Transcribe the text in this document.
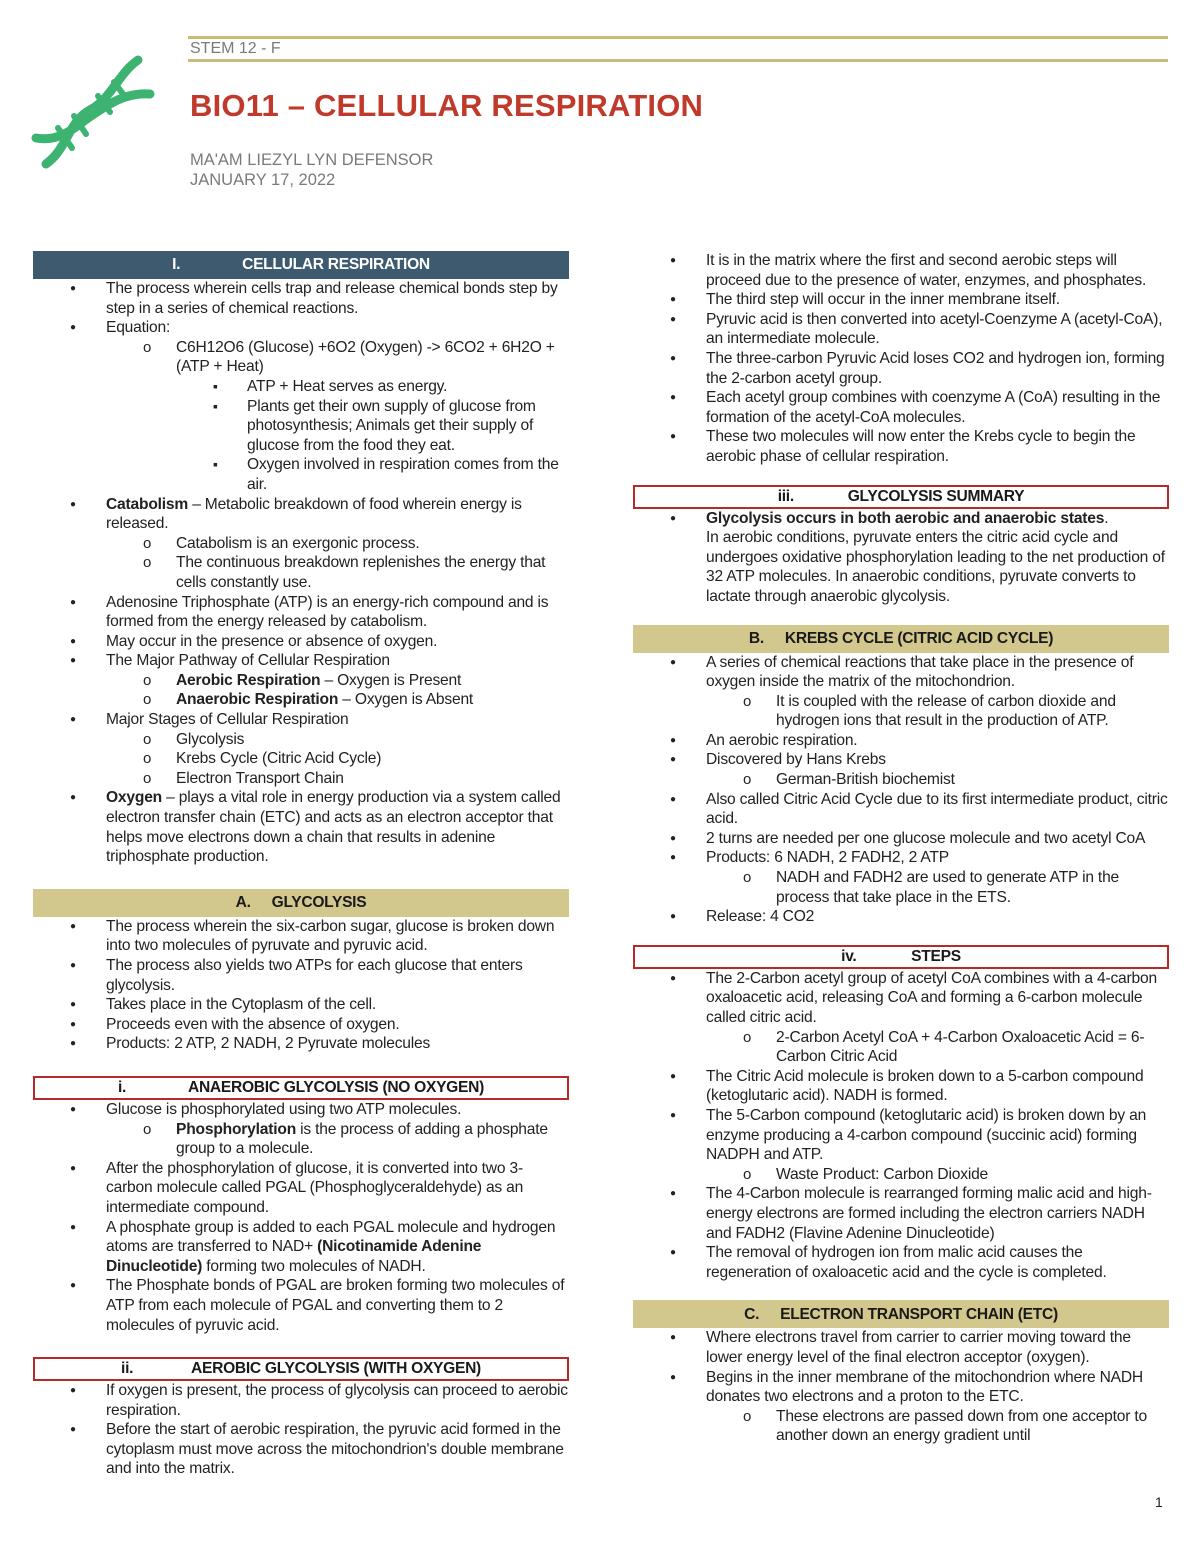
STEM 12 - F
BIO11 – CELLULAR RESPIRATION
MA'AM LIEZYL LYN DEFENSOR
JANUARY 17, 2022
I.	CELLULAR RESPIRATION
● The process wherein cells trap and release chemical bonds step by step in a series of chemical reactions.
● Equation:
o C6H12O6 (Glucose) +6O2 (Oxygen) -> 6CO2 + 6H2O + (ATP + Heat)
▪ ATP + Heat serves as energy.
▪ Plants get their own supply of glucose from photosynthesis; Animals get their supply of glucose from the food they eat.
▪ Oxygen involved in respiration comes from the air.
● Catabolism – Metabolic breakdown of food wherein energy is released.
o Catabolism is an exergonic process.
o The continuous breakdown replenishes the energy that cells constantly use.
● Adenosine Triphosphate (ATP) is an energy-rich compound and is formed from the energy released by catabolism.
● May occur in the presence or absence of oxygen.
● The Major Pathway of Cellular Respiration
o Aerobic Respiration – Oxygen is Present
o Anaerobic Respiration – Oxygen is Absent
● Major Stages of Cellular Respiration
o Glycolysis
o Krebs Cycle (Citric Acid Cycle)
o Electron Transport Chain
● Oxygen – plays a vital role in energy production via a system called electron transfer chain (ETC) and acts as an electron acceptor that helps move electrons down a chain that results in adenine triphosphate production.
A.	GLYCOLYSIS
● The process wherein the six-carbon sugar, glucose is broken down into two molecules of pyruvate and pyruvic acid.
● The process also yields two ATPs for each glucose that enters glycolysis.
● Takes place in the Cytoplasm of the cell.
● Proceeds even with the absence of oxygen.
● Products: 2 ATP, 2 NADH, 2 Pyruvate molecules
i.	ANAEROBIC GLYCOLYSIS (NO OXYGEN)
● Glucose is phosphorylated using two ATP molecules.
o Phosphorylation is the process of adding a phosphate group to a molecule.
● After the phosphorylation of glucose, it is converted into two 3-carbon molecule called PGAL (Phosphoglyceraldehyde) as an intermediate compound.
● A phosphate group is added to each PGAL molecule and hydrogen atoms are transferred to NAD+ (Nicotinamide Adenine Dinucleotide) forming two molecules of NADH.
● The Phosphate bonds of PGAL are broken forming two molecules of ATP from each molecule of PGAL and converting them to 2 molecules of pyruvic acid.
ii.	AEROBIC GLYCOLYSIS (WITH OXYGEN)
● If oxygen is present, the process of glycolysis can proceed to aerobic respiration.
● Before the start of aerobic respiration, the pyruvic acid formed in the cytoplasm must move across the mitochondrion's double membrane and into the matrix.
● It is in the matrix where the first and second aerobic steps will proceed due to the presence of water, enzymes, and phosphates.
● The third step will occur in the inner membrane itself.
● Pyruvic acid is then converted into acetyl-Coenzyme A (acetyl-CoA), an intermediate molecule.
● The three-carbon Pyruvic Acid loses CO2 and hydrogen ion, forming the 2-carbon acetyl group.
● Each acetyl group combines with coenzyme A (CoA) resulting in the formation of the acetyl-CoA molecules.
● These two molecules will now enter the Krebs cycle to begin the aerobic phase of cellular respiration.
iii.	GLYCOLYSIS SUMMARY
● Glycolysis occurs in both aerobic and anaerobic states.
In aerobic conditions, pyruvate enters the citric acid cycle and undergoes oxidative phosphorylation leading to the net production of 32 ATP molecules. In anaerobic conditions, pyruvate converts to lactate through anaerobic glycolysis.
B.	KREBS CYCLE (CITRIC ACID CYCLE)
● A series of chemical reactions that take place in the presence of oxygen inside the matrix of the mitochondrion.
o It is coupled with the release of carbon dioxide and hydrogen ions that result in the production of ATP.
● An aerobic respiration.
● Discovered by Hans Krebs
o German-British biochemist
● Also called Citric Acid Cycle due to its first intermediate product, citric acid.
● 2 turns are needed per one glucose molecule and two acetyl CoA
● Products: 6 NADH, 2 FADH2, 2 ATP
o NADH and FADH2 are used to generate ATP in the process that take place in the ETS.
● Release: 4 CO2
iv.	STEPS
● The 2-Carbon acetyl group of acetyl CoA combines with a 4-carbon oxaloacetic acid, releasing CoA and forming a 6-carbon molecule called citric acid.
o 2-Carbon Acetyl CoA + 4-Carbon Oxaloacetic Acid = 6-Carbon Citric Acid
● The Citric Acid molecule is broken down to a 5-carbon compound (ketoglutaric acid). NADH is formed.
● The 5-Carbon compound (ketoglutaric acid) is broken down by an enzyme producing a 4-carbon compound (succinic acid) forming NADPH and ATP.
o Waste Product: Carbon Dioxide
● The 4-Carbon molecule is rearranged forming malic acid and high-energy electrons are formed including the electron carriers NADH and FADH2 (Flavine Adenine Dinucleotide)
● The removal of hydrogen ion from malic acid causes the regeneration of oxaloacetic acid and the cycle is completed.
C.	ELECTRON TRANSPORT CHAIN (ETC)
● Where electrons travel from carrier to carrier moving toward the lower energy level of the final electron acceptor (oxygen).
● Begins in the inner membrane of the mitochondrion where NADH donates two electrons and a proton to the ETC.
o These electrons are passed down from one acceptor to another down an energy gradient until
1
